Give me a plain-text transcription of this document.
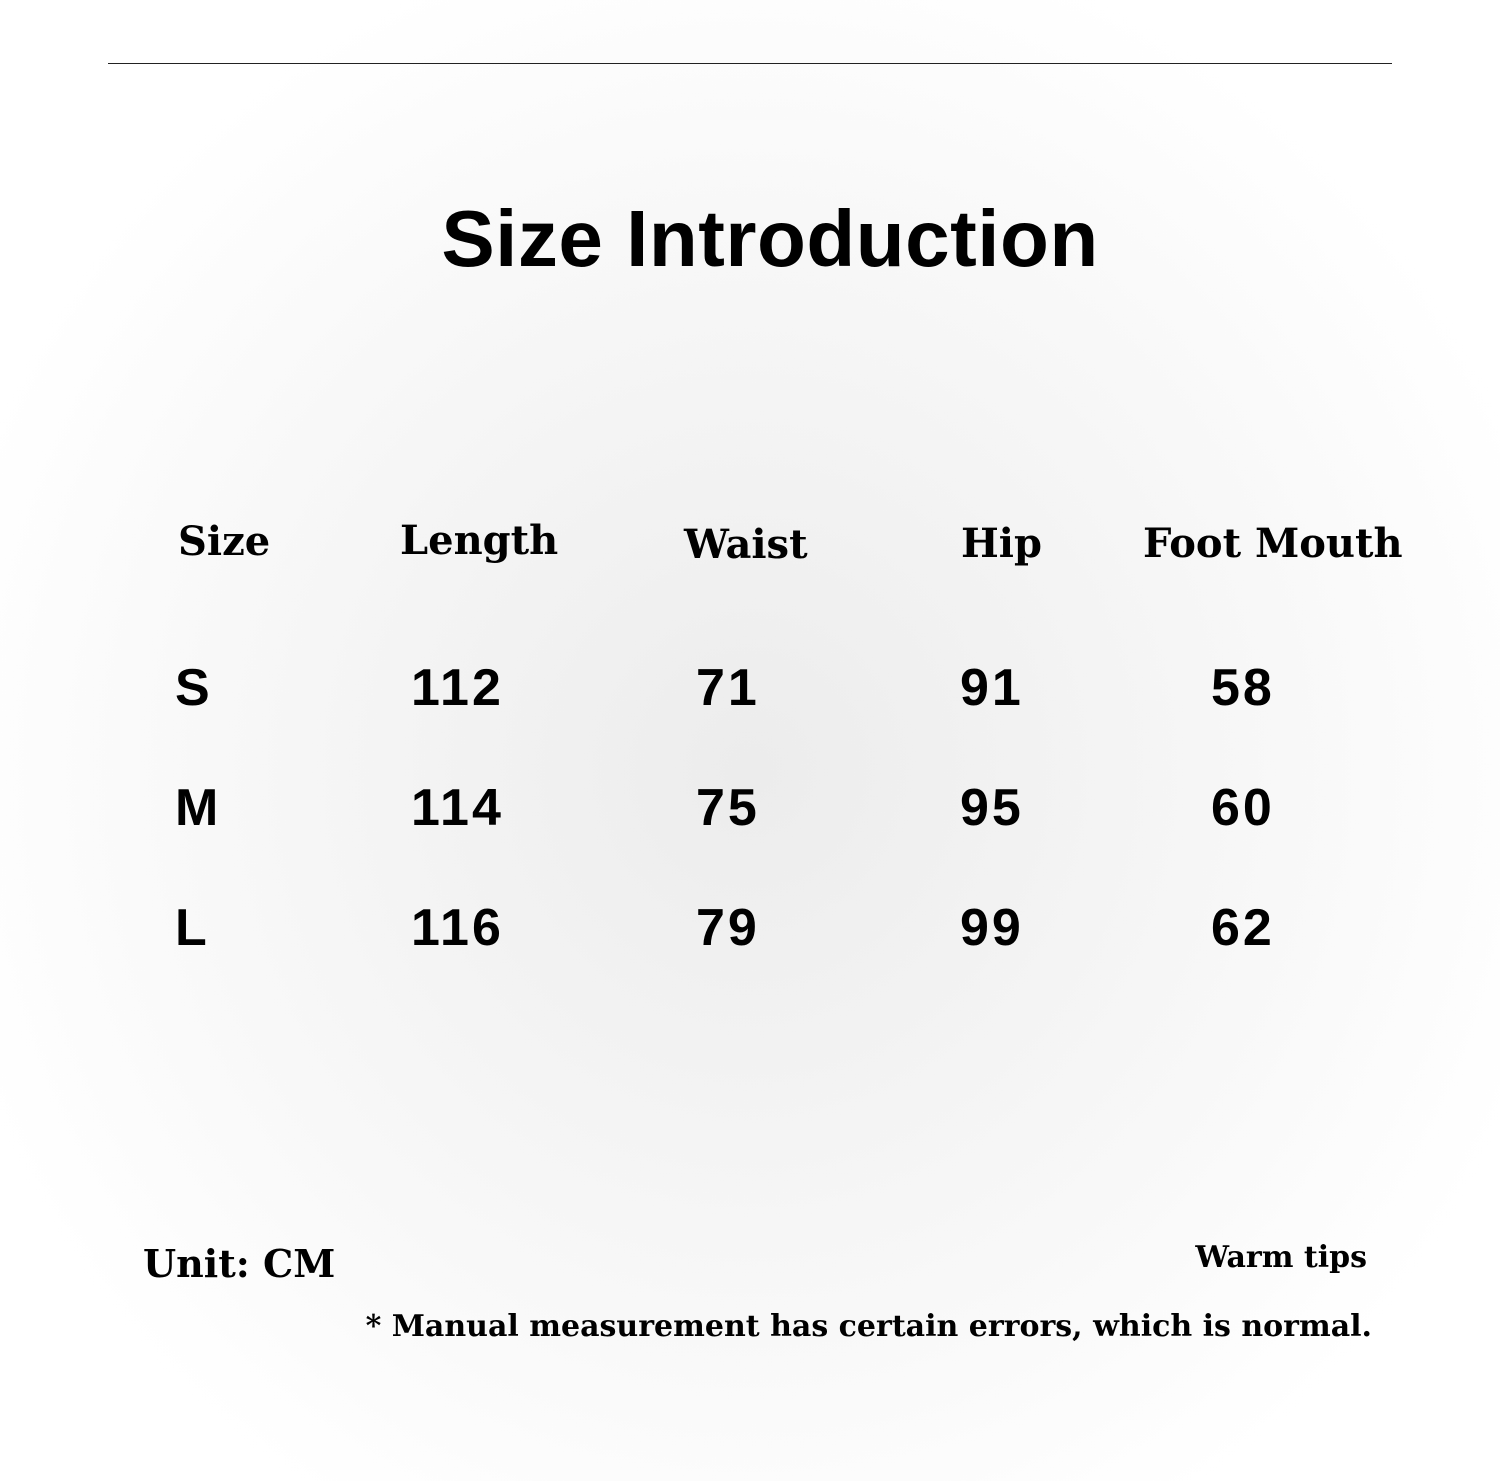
Size Introduction
Size	Length	Waist	Hip	Foot Mouth
S	112	71	91	58
M	114	75	95	60
L	116	79	99	62
Unit: CM	Warm tips
* Manual measurement has certain errors, which is normal.
